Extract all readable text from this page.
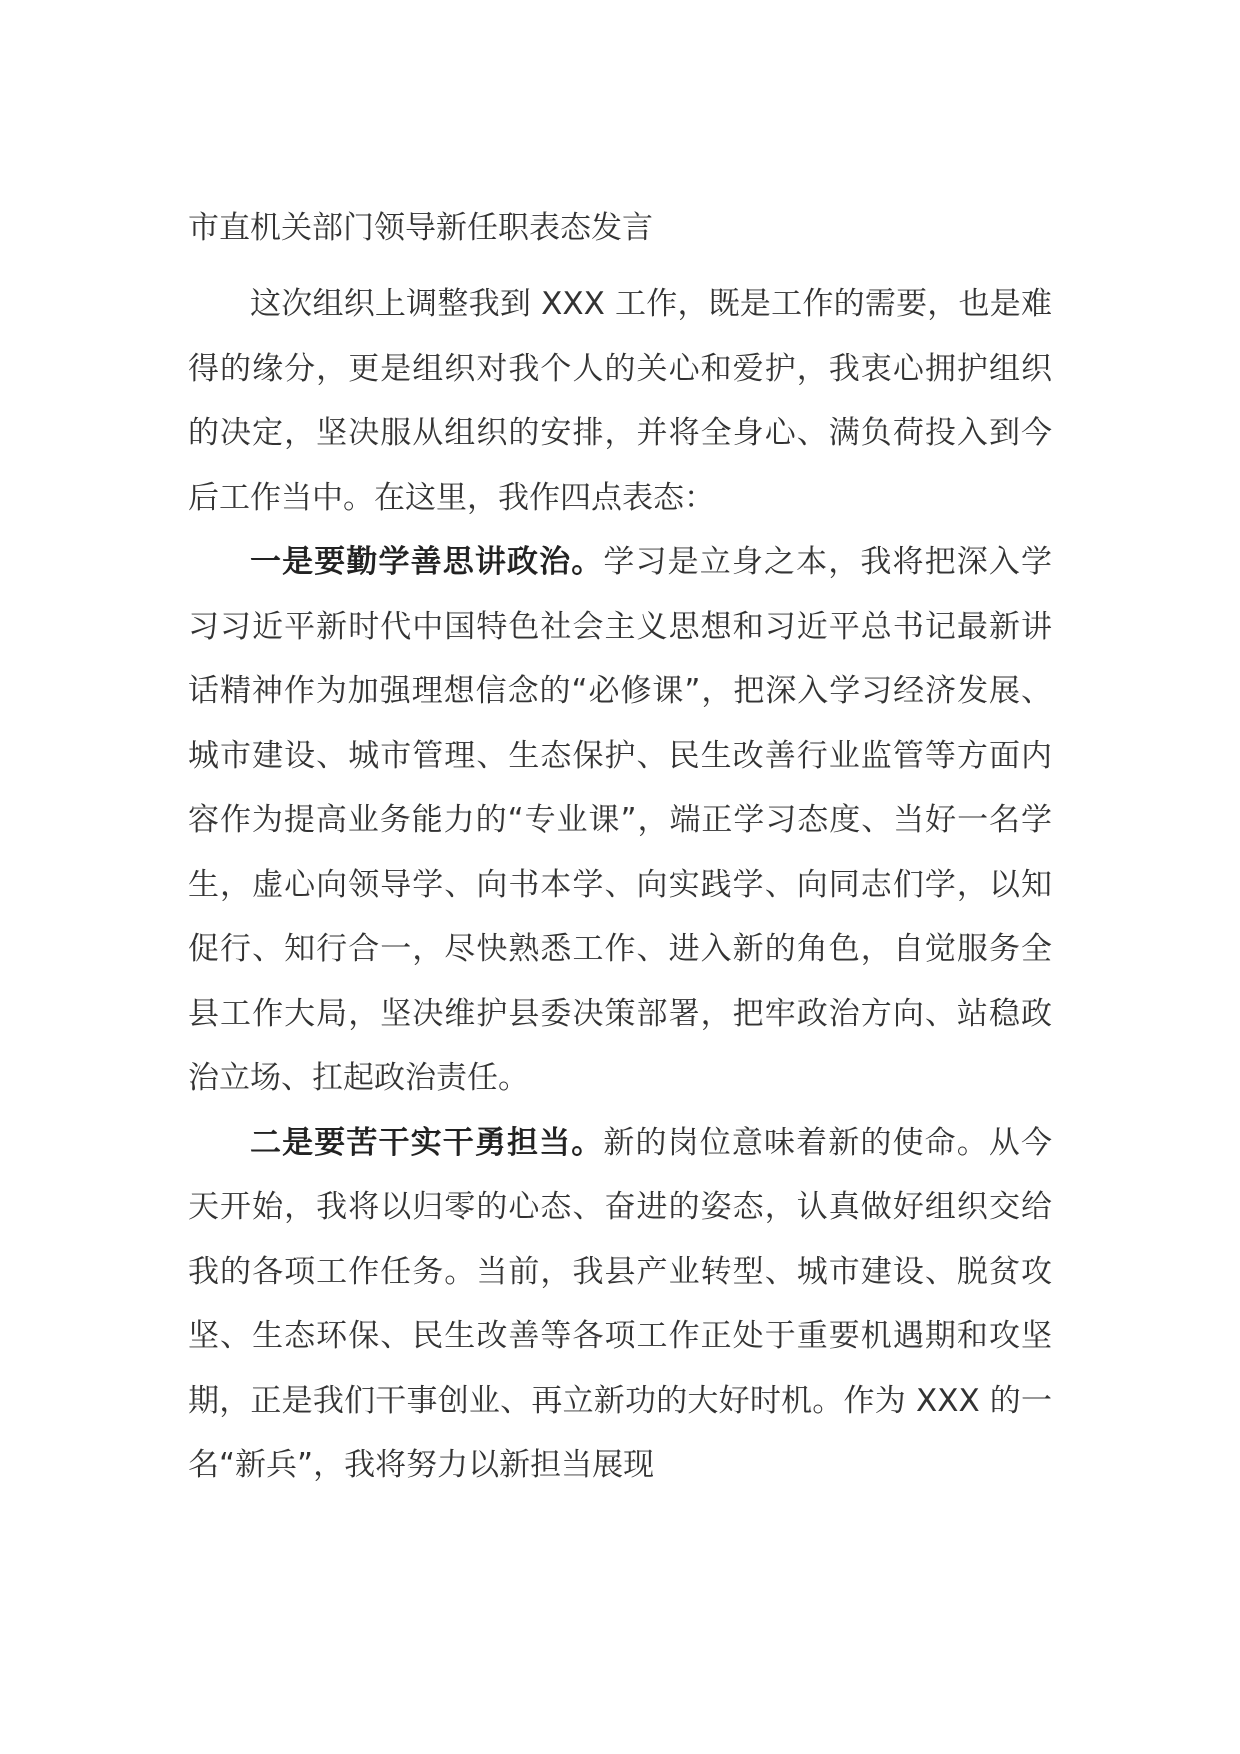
市直机关部门领导新任职表态发言

这次组织上调整我到 XXX 工作，既是工作的需要，也是难得的缘分，更是组织对我个人的关心和爱护，我衷心拥护组织的决定，坚决服从组织的安排，并将全身心、满负荷投入到今后工作当中。在这里，我作四点表态：

一是要勤学善思讲政治。学习是立身之本，我将把深入学习习近平新时代中国特色社会主义思想和习近平总书记最新讲话精神作为加强理想信念的“必修课”，把深入学习经济发展、城市建设、城市管理、生态保护、民生改善行业监管等方面内容作为提高业务能力的“专业课”，端正学习态度、当好一名学生，虚心向领导学、向书本学、向实践学、向同志们学，以知促行、知行合一，尽快熟悉工作、进入新的角色，自觉服务全县工作大局，坚决维护县委决策部署，把牢政治方向、站稳政治立场、扛起政治责任。

二是要苦干实干勇担当。新的岗位意味着新的使命。从今天开始，我将以归零的心态、奋进的姿态，认真做好组织交给我的各项工作任务。当前，我县产业转型、城市建设、脱贫攻坚、生态环保、民生改善等各项工作正处于重要机遇期和攻坚期，正是我们干事创业、再立新功的大好时机。作为 XXX 的一名“新兵”，我将努力以新担当展现
